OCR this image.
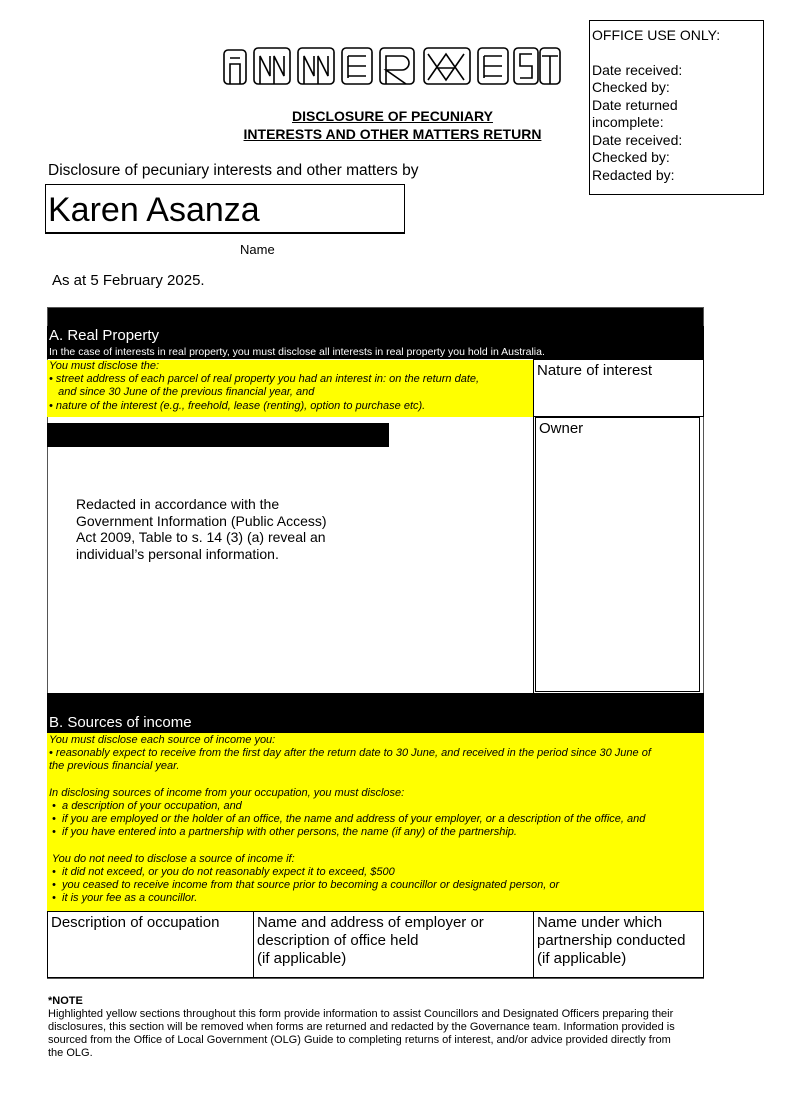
OFFICE USE ONLY:
Date received:
Checked by:
Date returned
incomplete:
Date received:
Checked by:
Redacted by:
DISCLOSURE OF PECUNIARY
INTERESTS AND OTHER MATTERS RETURN
Disclosure of pecuniary interests and other matters by
Karen Asanza
Name
As at 5 February 2025.
A. Real Property
In the case of interests in real property, you must disclose all interests in real property you hold in Australia.
You must disclose the:
• street address of each parcel of real property you had an interest in: on the return date,
and since 30 June of the previous financial year, and
• nature of the interest (e.g., freehold, lease (renting), option to purchase etc).
Nature of interest
Redacted in accordance with the
Government Information (Public Access)
Act 2009, Table to s. 14 (3) (a) reveal an
individual’s personal information.
Owner
B. Sources of income
You must disclose each source of income you:
• reasonably expect to receive from the first day after the return date to 30 June, and received in the period since 30 June of
the previous financial year.
In disclosing sources of income from your occupation, you must disclose:
•  a description of your occupation, and
•  if you are employed or the holder of an office, the name and address of your employer, or a description of the office, and
•  if you have entered into a partnership with other persons, the name (if any) of the partnership.
You do not need to disclose a source of income if:
•  it did not exceed, or you do not reasonably expect it to exceed, $500
•  you ceased to receive income from that source prior to becoming a councillor or designated person, or
•  it is your fee as a councillor.
Description of occupation	Name and address of employer or
description of office held
(if applicable)
Name under which
partnership conducted
(if applicable)
*NOTE
Highlighted yellow sections throughout this form provide information to assist Councillors and Designated Officers preparing their
disclosures, this section will be removed when forms are returned and redacted by the Governance team. Information provided is
sourced from the Office of Local Government (OLG) Guide to completing returns of interest, and/or advice provided directly from
the OLG.
